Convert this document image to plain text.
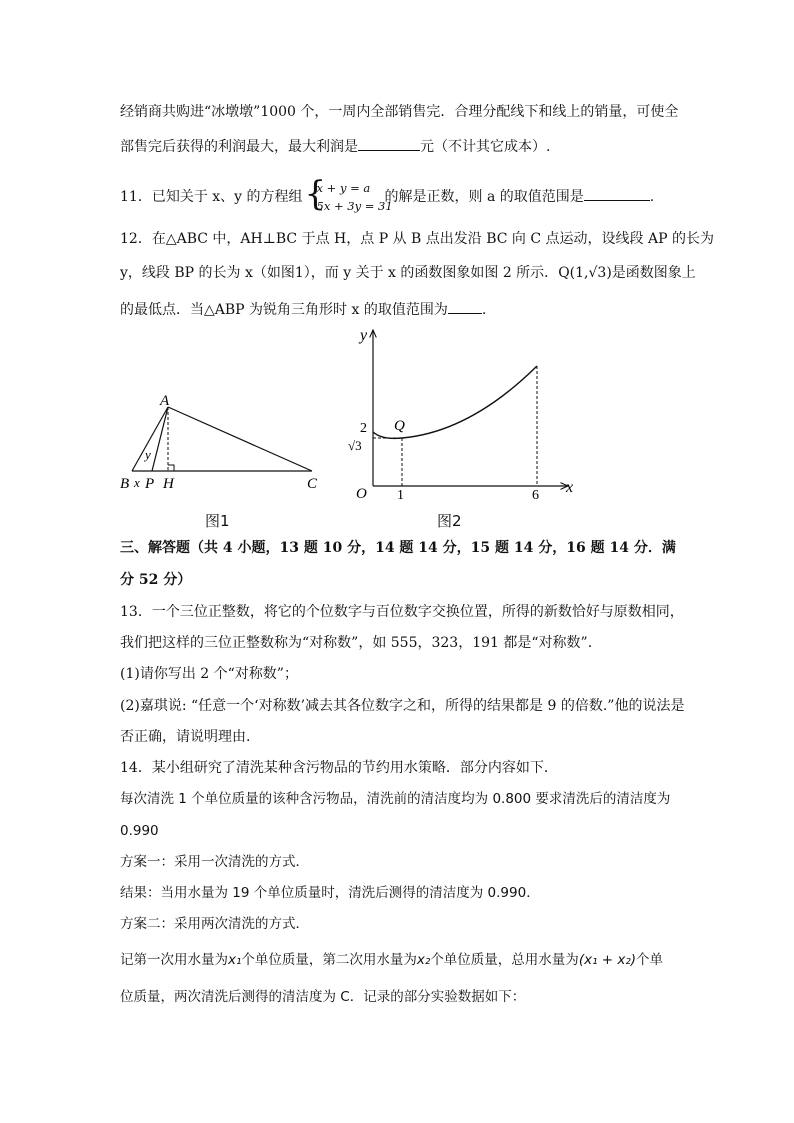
经销商共购进“冰墩墩”1000 个，一周内全部销售完．合理分配线下和线上的销量，可使全
部售完后获得的利润最大，最大利润是	元（不计其它成本）.
11．已知关于 x、y 的方程组 {
x + y = a
5x + 3y = 31
的解是正数，则 a 的取值范围是	.
12．在△ABC 中，AH⊥BC 于点 H，点 P 从 B 点出发沿 BC 向 C 点运动，设线段 AP 的长为
y，线段 BP 的长为 x（如图1），而 y 关于 x 的函数图象如图 2 所示．Q(1,√3)是函数图象上
的最低点．当△ABP 为锐角三角形时 x 的取值范围为 .
A
B x P H	C
y
图1
y
x
O
2
√3
1	6
Q
图2
三、解答题（共 4 小题，13 题 10 分，14 题 14 分，15 题 14 分，16 题 14 分．满
分 52 分）
13．一个三位正整数，将它的个位数字与百位数字交换位置，所得的新数恰好与原数相同，
我们把这样的三位正整数称为“对称数”，如 555，323，191 都是“对称数”.
(1)请你写出 2 个“对称数”；
(2)嘉琪说: “任意一个‘对称数’减去其各位数字之和，所得的结果都是 9 的倍数.”他的说法是
否正确，请说明理由.
14．某小组研究了清洗某种含污物品的节约用水策略．部分内容如下．
每次清洗 1 个单位质量的该种含污物品，清洗前的清洁度均为 0.800 要求清洗后的清洁度为
0.990
方案一：采用一次清洗的方式．
结果：当用水量为 19 个单位质量时，清洗后测得的清洁度为 0.990．
方案二：采用两次清洗的方式．
记第一次用水量为x₁个单位质量，第二次用水量为x₂个单位质量，总用水量为(x₁ + x₂)个单
位质量，两次清洗后测得的清洁度为 C．记录的部分实验数据如下：
